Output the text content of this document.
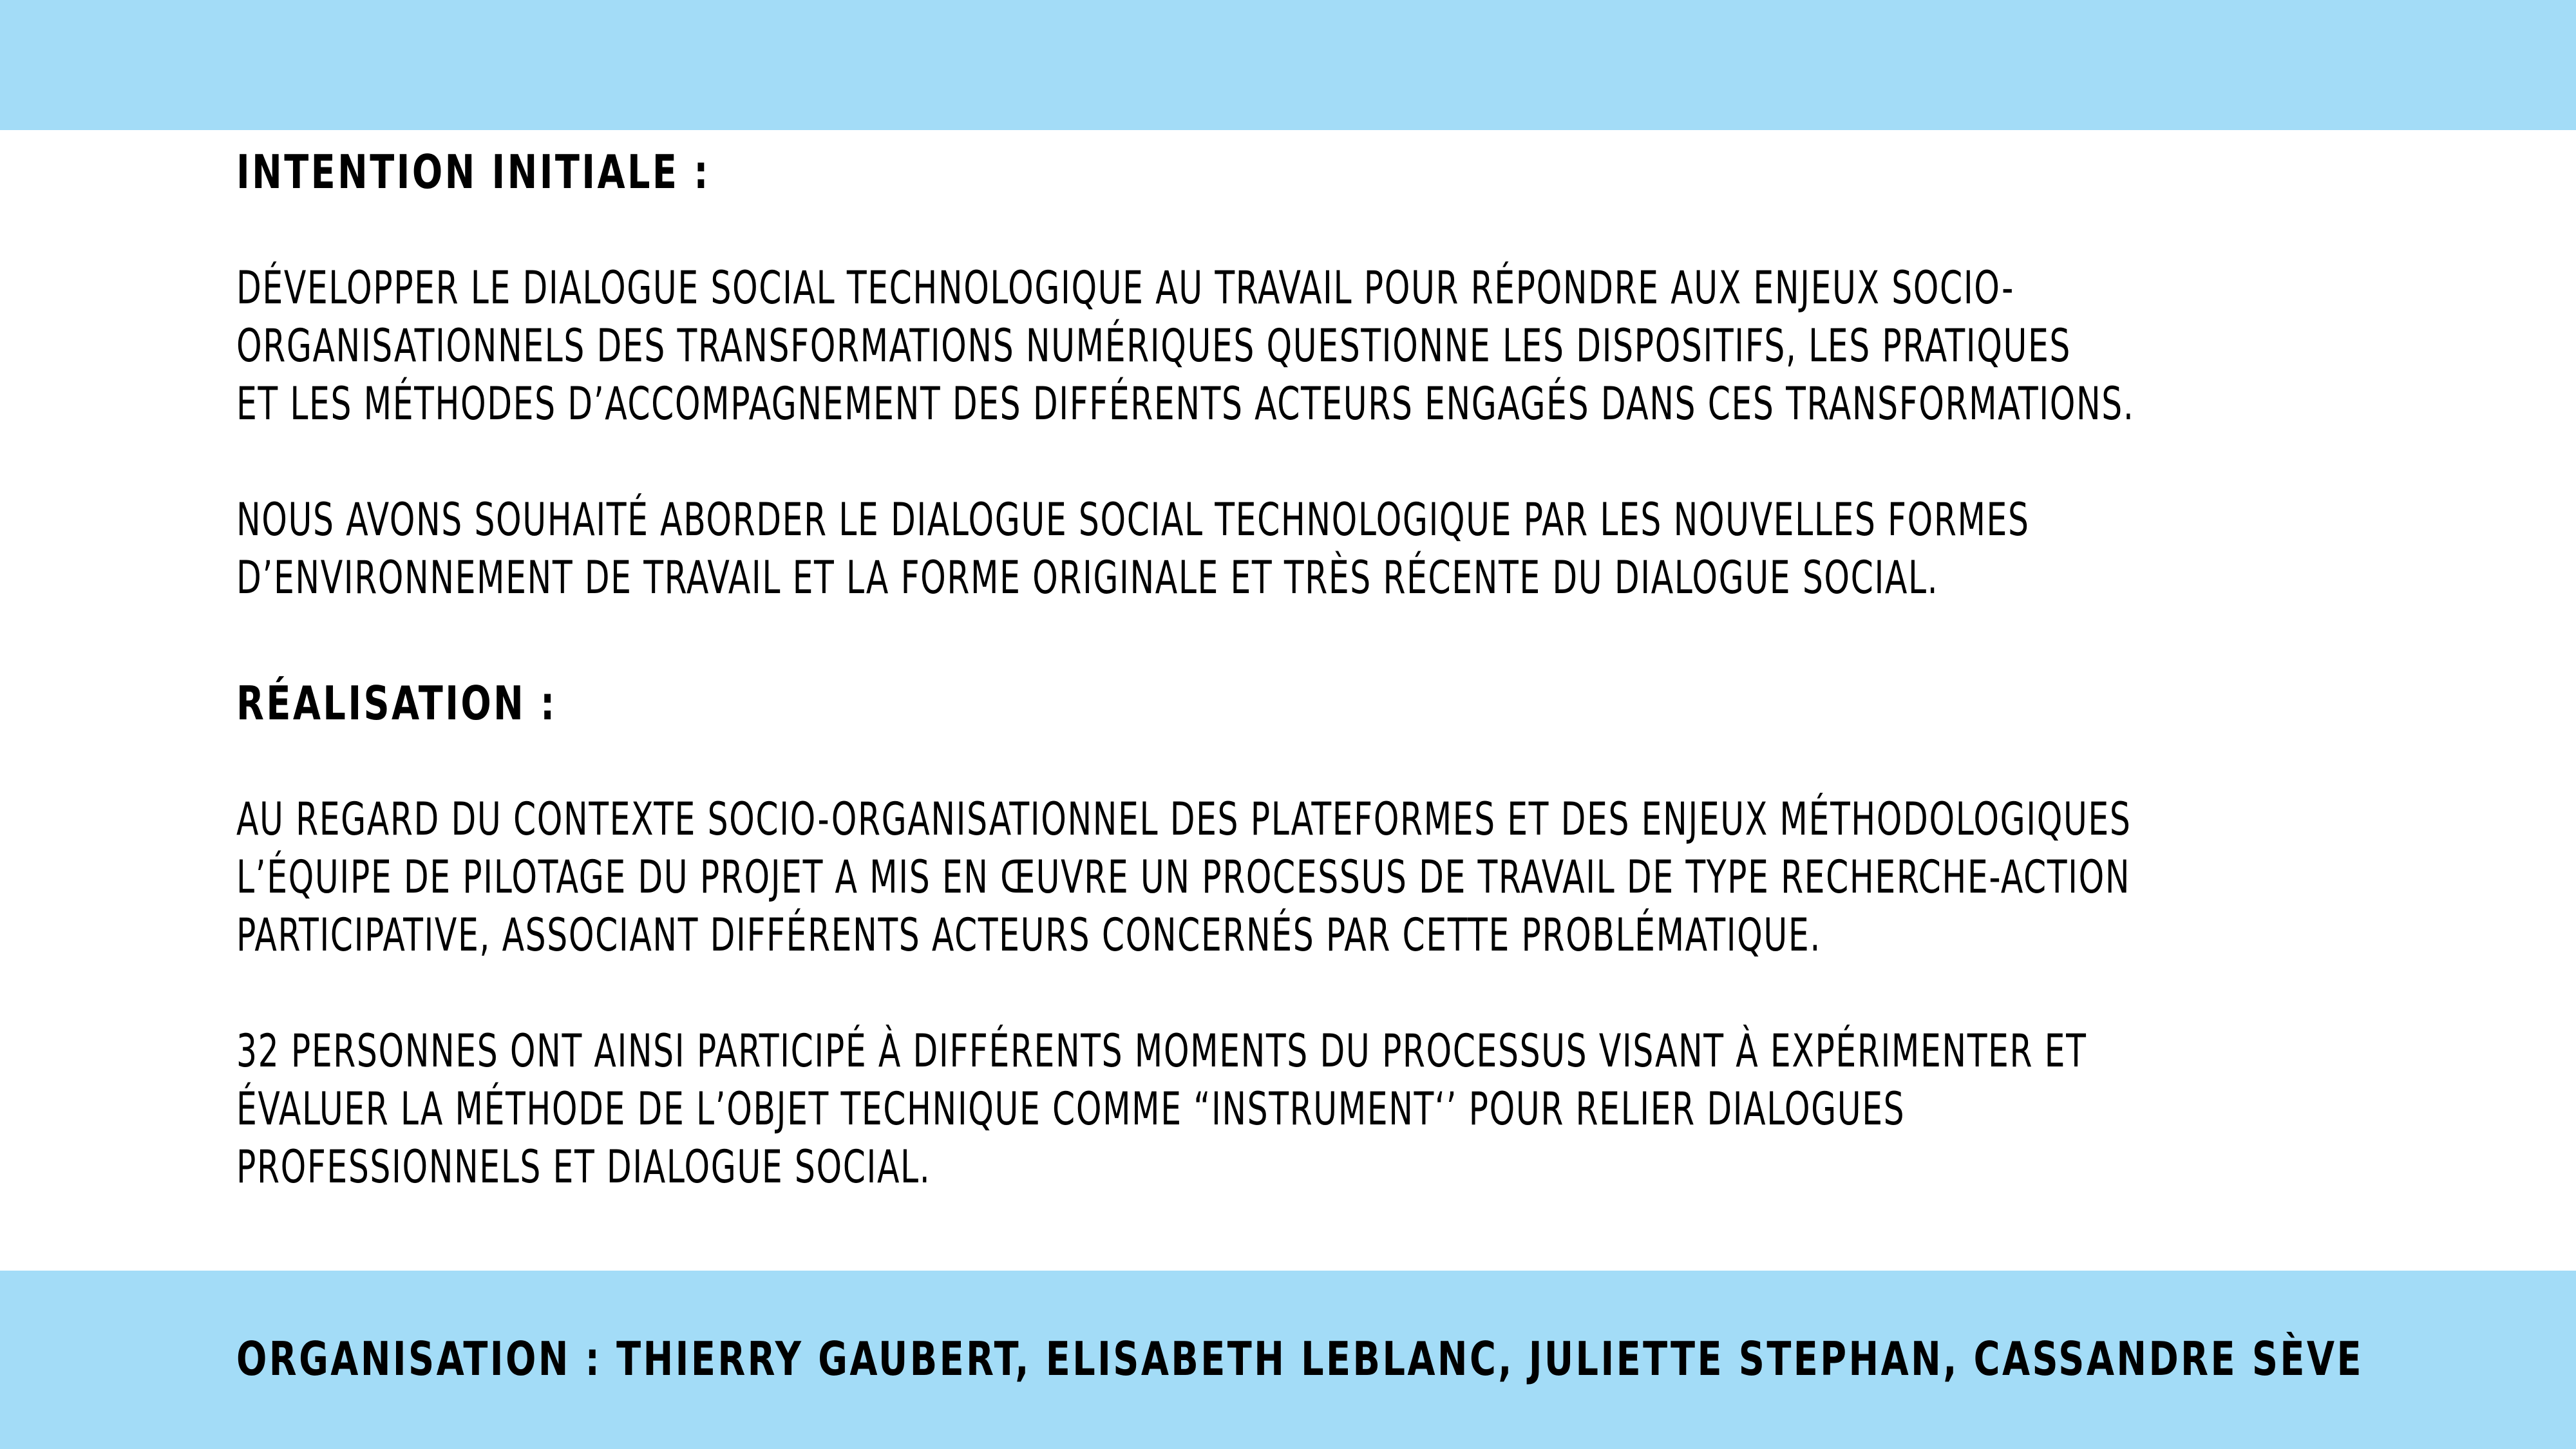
INTENTION INITIALE :
DÉVELOPPER LE DIALOGUE SOCIAL TECHNOLOGIQUE AU TRAVAIL POUR RÉPONDRE AUX ENJEUX SOCIO-
ORGANISATIONNELS DES TRANSFORMATIONS NUMÉRIQUES QUESTIONNE LES DISPOSITIFS, LES PRATIQUES
ET LES MÉTHODES D’ACCOMPAGNEMENT DES DIFFÉRENTS ACTEURS ENGAGÉS DANS CES TRANSFORMATIONS.
NOUS AVONS SOUHAITÉ ABORDER LE DIALOGUE SOCIAL TECHNOLOGIQUE PAR LES NOUVELLES FORMES
D’ENVIRONNEMENT DE TRAVAIL ET LA FORME ORIGINALE ET TRÈS RÉCENTE DU DIALOGUE SOCIAL.
RÉALISATION :
AU REGARD DU CONTEXTE SOCIO-ORGANISATIONNEL DES PLATEFORMES ET DES ENJEUX MÉTHODOLOGIQUES
L’ÉQUIPE DE PILOTAGE DU PROJET A MIS EN ŒUVRE UN PROCESSUS DE TRAVAIL DE TYPE RECHERCHE-ACTION
PARTICIPATIVE, ASSOCIANT DIFFÉRENTS ACTEURS CONCERNÉS PAR CETTE PROBLÉMATIQUE.
32 PERSONNES ONT AINSI PARTICIPÉ À DIFFÉRENTS MOMENTS DU PROCESSUS VISANT À EXPÉRIMENTER ET
ÉVALUER LA MÉTHODE DE L’OBJET TECHNIQUE COMME “INSTRUMENT‘’ POUR RELIER DIALOGUES
PROFESSIONNELS ET DIALOGUE SOCIAL.
ORGANISATION : THIERRY GAUBERT, ELISABETH LEBLANC, JULIETTE STEPHAN, CASSANDRE SÈVE
